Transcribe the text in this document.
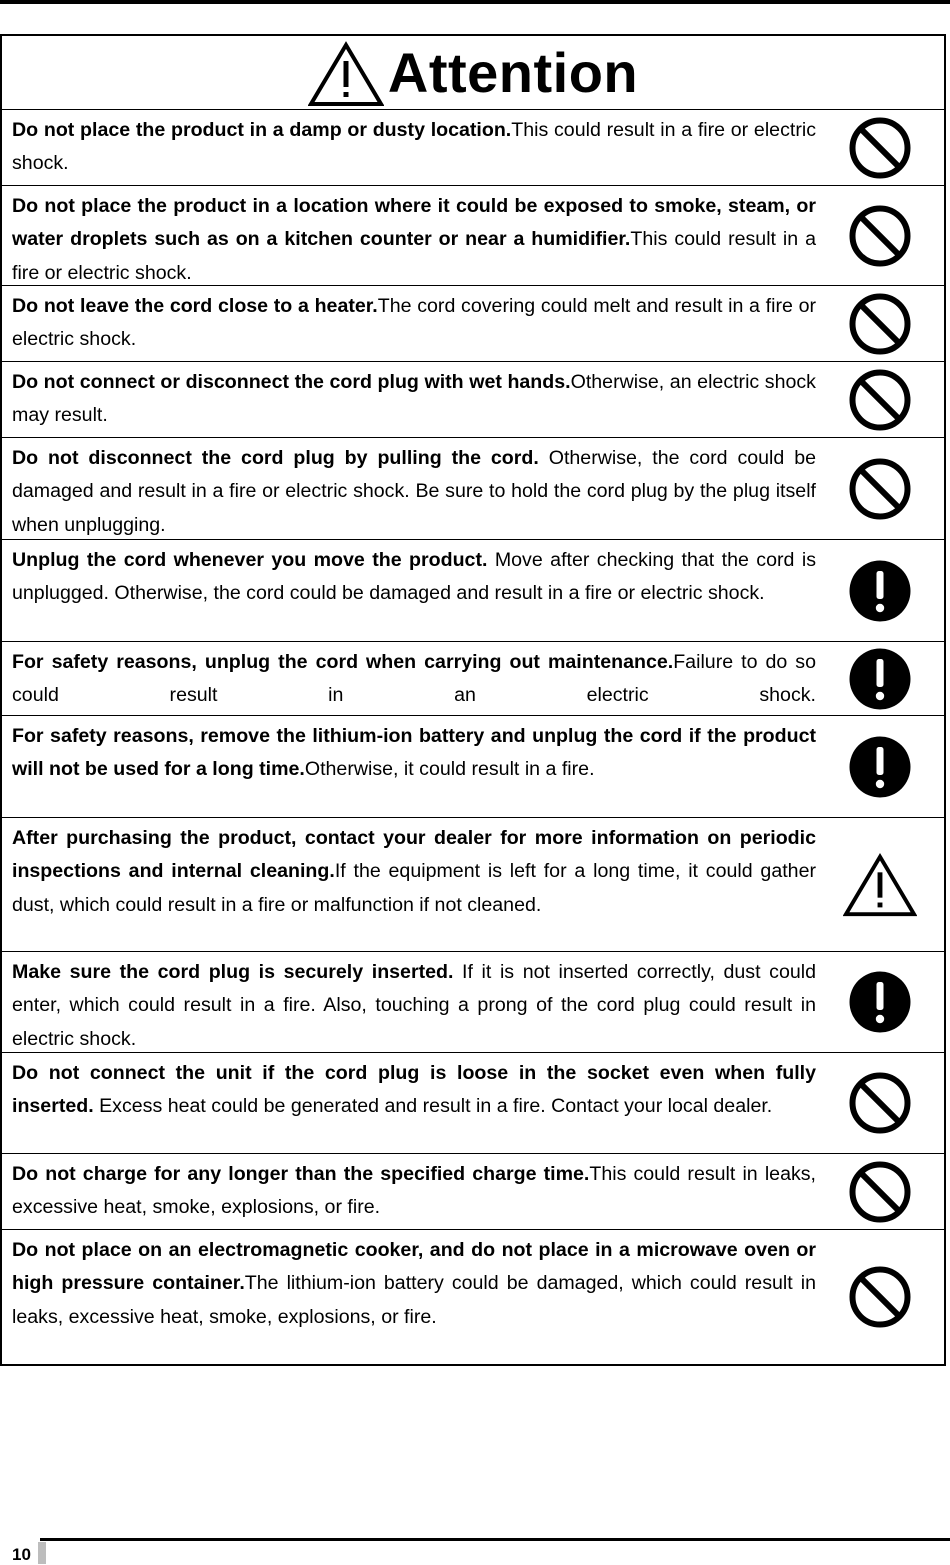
Attention
Do not place the product in a damp or dusty location.This could result in a fire or electric shock.
Do not place the product in a location where it could be exposed to smoke, steam, or water droplets such as on a kitchen counter or near a humidifier.This could result in a fire or electric shock.
Do not leave the cord close to a heater.The cord covering could melt and result in a fire or electric shock.
Do not connect or disconnect the cord plug with wet hands.Otherwise, an electric shock may result.
Do not disconnect the cord plug by pulling the cord. Otherwise, the cord could be damaged and result in a fire or electric shock. Be sure to hold the cord plug by the plug itself when unplugging.
Unplug the cord whenever you move the product. Move after checking that the cord is unplugged. Otherwise, the cord could be damaged and result in a fire or electric shock.
For safety reasons, unplug the cord when carrying out maintenance.Failure to do so could result in an electric shock.
For safety reasons, remove the lithium-ion battery and unplug the cord if the product will not be used for a long time.Otherwise, it could result in a fire.
After purchasing the product, contact your dealer for more information on periodic inspections and internal cleaning.If the equipment is left for a long time, it could gather dust, which could result in a fire or malfunction if not cleaned.
Make sure the cord plug is securely inserted. If it is not inserted correctly, dust could enter, which could result in a fire. Also, touching a prong of the cord plug could result in electric shock.
Do not connect the unit if the cord plug is loose in the socket even when fully inserted. Excess heat could be generated and result in a fire. Contact your local dealer.
Do not charge for any longer than the specified charge time.This could result in leaks, excessive heat, smoke, explosions, or fire.
Do not place on an electromagnetic cooker, and do not place in a microwave oven or high pressure container.The lithium-ion battery could be damaged, which could result in leaks, excessive heat, smoke, explosions, or fire.
10
